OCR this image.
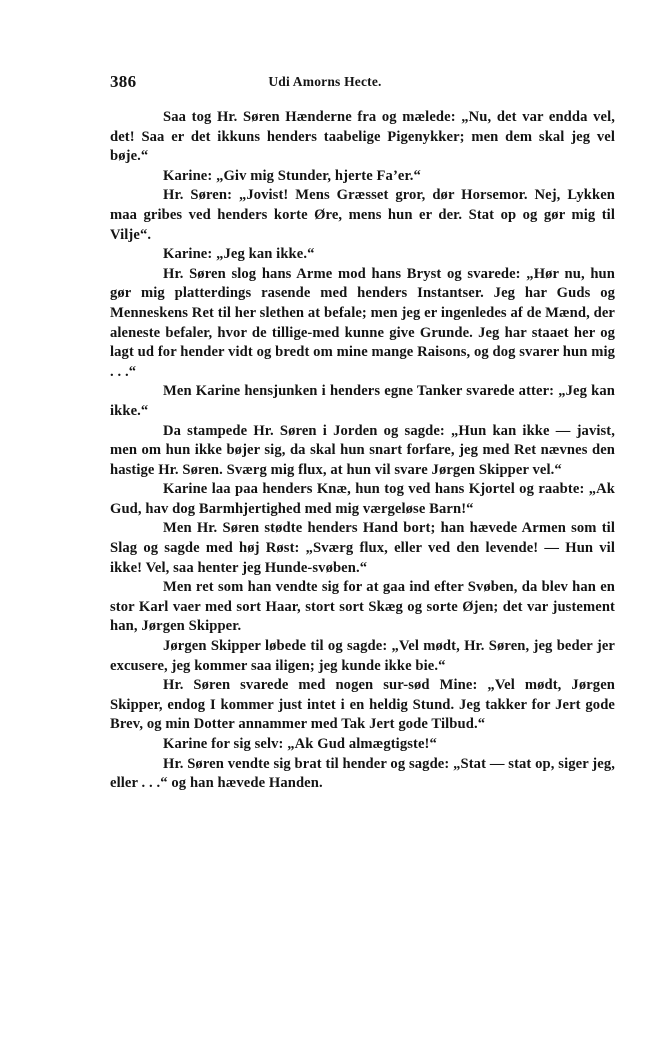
386	Udi Amorns Hecte.

Saa tog Hr. Søren Hænderne fra og mælede: „Nu, det var endda vel, det! Saa er det ikkuns henders taabelige Pigenykker; men dem skal jeg vel bøje.“

Karine: „Giv mig Stunder, hjerte Fa’er.“

Hr. Søren: „Jovist! Mens Græsset gror, dør Horsemor. Nej, Lykken maa gribes ved henders korte Øre, mens hun er der. Stat op og gør mig til Vilje“.

Karine: „Jeg kan ikke.“

Hr. Søren slog hans Arme mod hans Bryst og svarede: „Hør nu, hun gør mig platterdings rasende med henders Instantser. Jeg har Guds og Menneskens Ret til her slethen at befale; men jeg er ingenledes af de Mænd, der aleneste befaler, hvor de tillige-med kunne give Grunde. Jeg har staaet her og lagt ud for hender vidt og bredt om mine mange Raisons, og dog svarer hun mig . . .“

Men Karine hensjunken i henders egne Tanker svarede atter: „Jeg kan ikke.“

Da stampede Hr. Søren i Jorden og sagde: „Hun kan ikke — javist, men om hun ikke bøjer sig, da skal hun snart forfare, jeg med Ret nævnes den hastige Hr. Søren. Sværg mig flux, at hun vil svare Jørgen Skipper vel.“

Karine laa paa henders Knæ, hun tog ved hans Kjortel og raabte: „Ak Gud, hav dog Barmhjertighed med mig værgeløse Barn!“

Men Hr. Søren stødte henders Hand bort; han hævede Armen som til Slag og sagde med høj Røst: „Sværg flux, eller ved den levende! — Hun vil ikke! Vel, saa henter jeg Hunde-svøben.“

Men ret som han vendte sig for at gaa ind efter Svøben, da blev han en stor Karl vaer med sort Haar, stort sort Skæg og sorte Øjen; det var justement han, Jørgen Skipper.

Jørgen Skipper løbede til og sagde: „Vel mødt, Hr. Søren, jeg beder jer excusere, jeg kommer saa iligen; jeg kunde ikke bie.“

Hr. Søren svarede med nogen sur-sød Mine: „Vel mødt, Jørgen Skipper, endog I kommer just intet i en heldig Stund. Jeg takker for Jert gode Brev, og min Dotter annammer med Tak Jert gode Tilbud.“

Karine for sig selv: „Ak Gud almægtigste!“

Hr. Søren vendte sig brat til hender og sagde: „Stat — stat op, siger jeg, eller . . .“ og han hævede Handen.
